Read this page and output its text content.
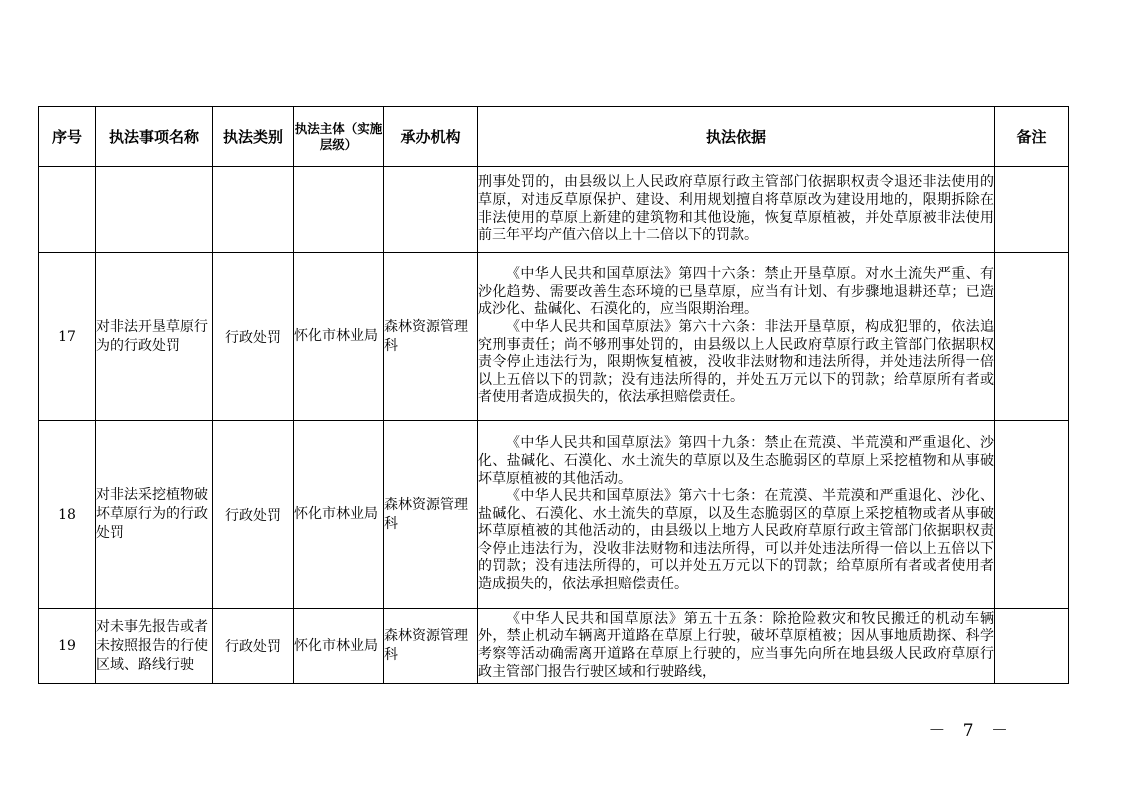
序号	执法事项名称	执法类别	执法主体（实施层级）	承办机构	执法依据	备注

					刑事处罚的，由县级以上人民政府草原行政主管部门依据职权责令退还非法使用的草原，对违反草原保护、建设、利用规划擅自将草原改为建设用地的，限期拆除在非法使用的草原上新建的建筑物和其他设施，恢复草原植被，并处草原被非法使用前三年平均产值六倍以上十二倍以下的罚款。	

17	对非法开垦草原行为的行政处罚	行政处罚	怀化市林业局	森林资源管理科	《中华人民共和国草原法》第四十六条：禁止开垦草原。对水土流失严重、有沙化趋势、需要改善生态环境的已垦草原，应当有计划、有步骤地退耕还草；已造成沙化、盐碱化、石漠化的，应当限期治理。

《中华人民共和国草原法》第六十六条：非法开垦草原，构成犯罪的，依法追究刑事责任；尚不够刑事处罚的，由县级以上人民政府草原行政主管部门依据职权责令停止违法行为，限期恢复植被，没收非法财物和违法所得，并处违法所得一倍以上五倍以下的罚款；没有违法所得的，并处五万元以下的罚款；给草原所有者或者使用者造成损失的，依法承担赔偿责任。	

18	对非法采挖植物破坏草原行为的行政处罚	行政处罚	怀化市林业局	森林资源管理科	《中华人民共和国草原法》第四十九条：禁止在荒漠、半荒漠和严重退化、沙化、盐碱化、石漠化、水土流失的草原以及生态脆弱区的草原上采挖植物和从事破坏草原植被的其他活动。

《中华人民共和国草原法》第六十七条：在荒漠、半荒漠和严重退化、沙化、盐碱化、石漠化、水土流失的草原，以及生态脆弱区的草原上采挖植物或者从事破坏草原植被的其他活动的，由县级以上地方人民政府草原行政主管部门依据职权责令停止违法行为，没收非法财物和违法所得，可以并处违法所得一倍以上五倍以下的罚款；没有违法所得的，可以并处五万元以下的罚款；给草原所有者或者使用者造成损失的，依法承担赔偿责任。	

19	对未事先报告或者未按照报告的行使区域、路线行驶	行政处罚	怀化市林业局	森林资源管理科	《中华人民共和国草原法》第五十五条：除抢险救灾和牧民搬迁的机动车辆外，禁止机动车辆离开道路在草原上行驶，破坏草原植被；因从事地质勘探、科学考察等活动确需离开道路在草原上行驶的，应当事先向所在地县级人民政府草原行政主管部门报告行驶区域和行驶路线，	

－ 7 －
